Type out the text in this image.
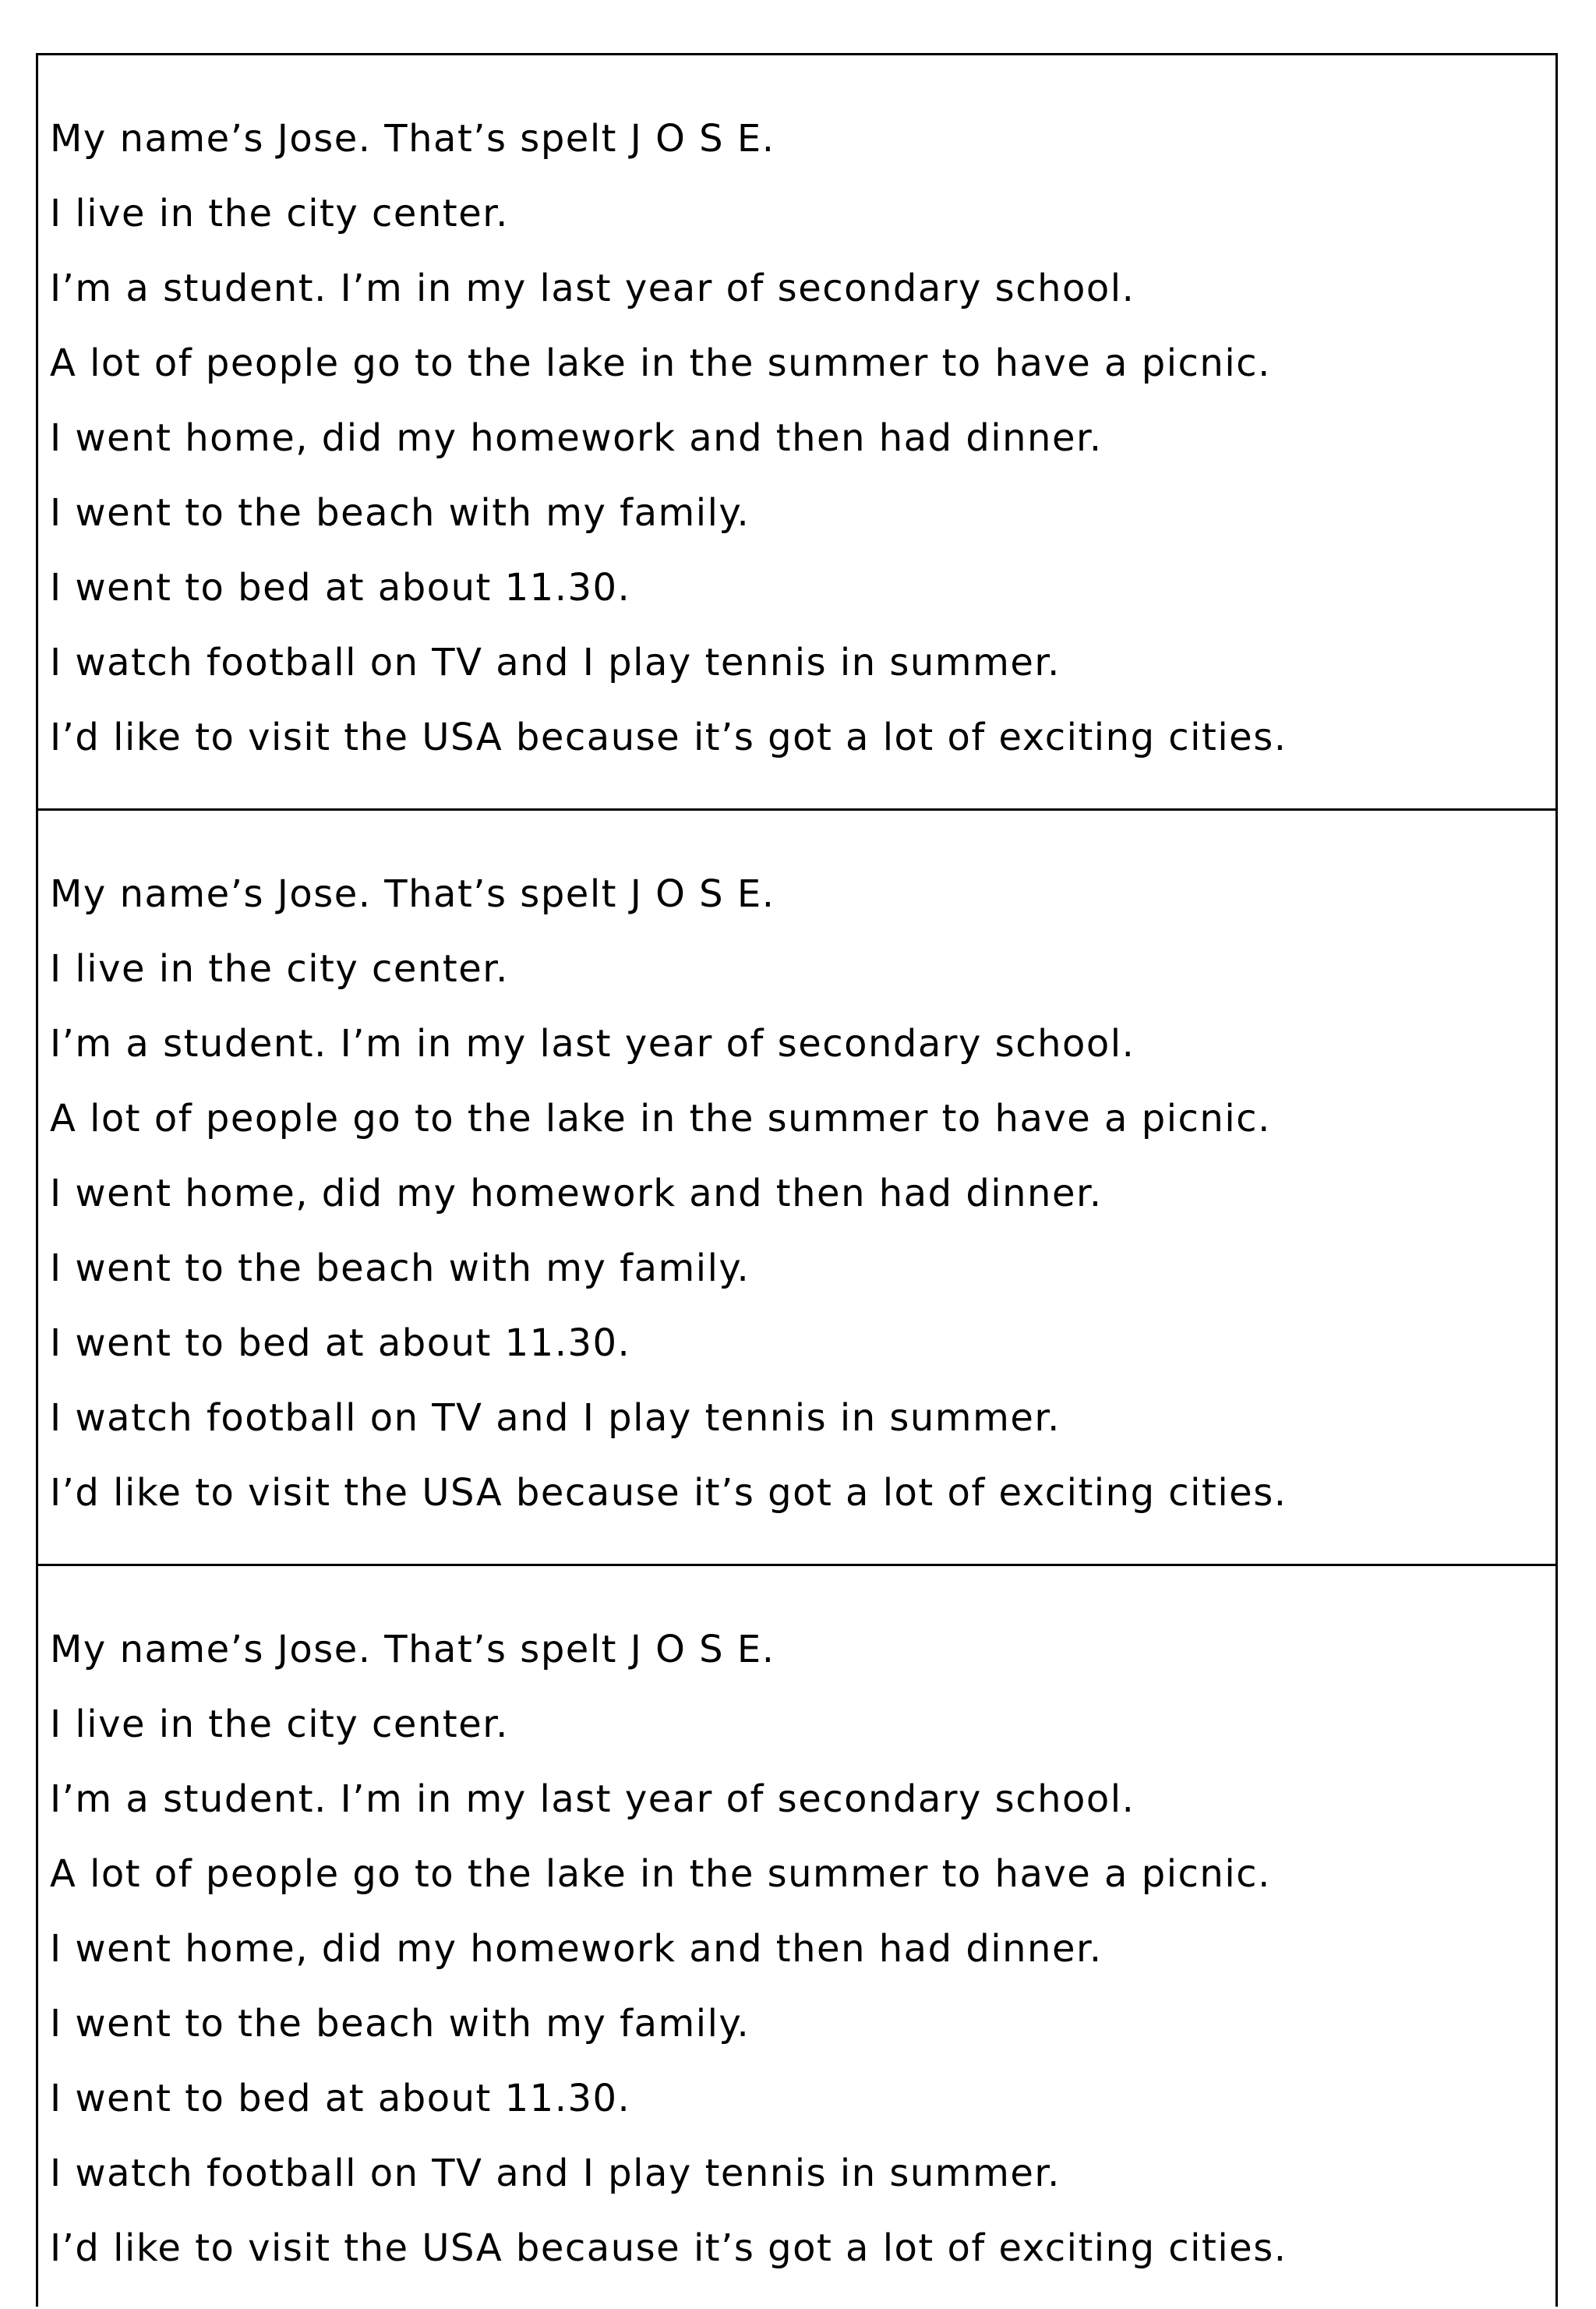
My name’s Jose. That’s spelt J O S E.
I live in the city center.
I’m a student. I’m in my last year of secondary school.
A lot of people go to the lake in the summer to have a picnic.
I went home, did my homework and then had dinner.
I went to the beach with my family.
I went to bed at about 11.30.
I watch football on TV and I play tennis in summer.
I’d like to visit the USA because it’s got a lot of exciting cities.
My name’s Jose. That’s spelt J O S E.
I live in the city center.
I’m a student. I’m in my last year of secondary school.
A lot of people go to the lake in the summer to have a picnic.
I went home, did my homework and then had dinner.
I went to the beach with my family.
I went to bed at about 11.30.
I watch football on TV and I play tennis in summer.
I’d like to visit the USA because it’s got a lot of exciting cities.
My name’s Jose. That’s spelt J O S E.
I live in the city center.
I’m a student. I’m in my last year of secondary school.
A lot of people go to the lake in the summer to have a picnic.
I went home, did my homework and then had dinner.
I went to the beach with my family.
I went to bed at about 11.30.
I watch football on TV and I play tennis in summer.
I’d like to visit the USA because it’s got a lot of exciting cities.
